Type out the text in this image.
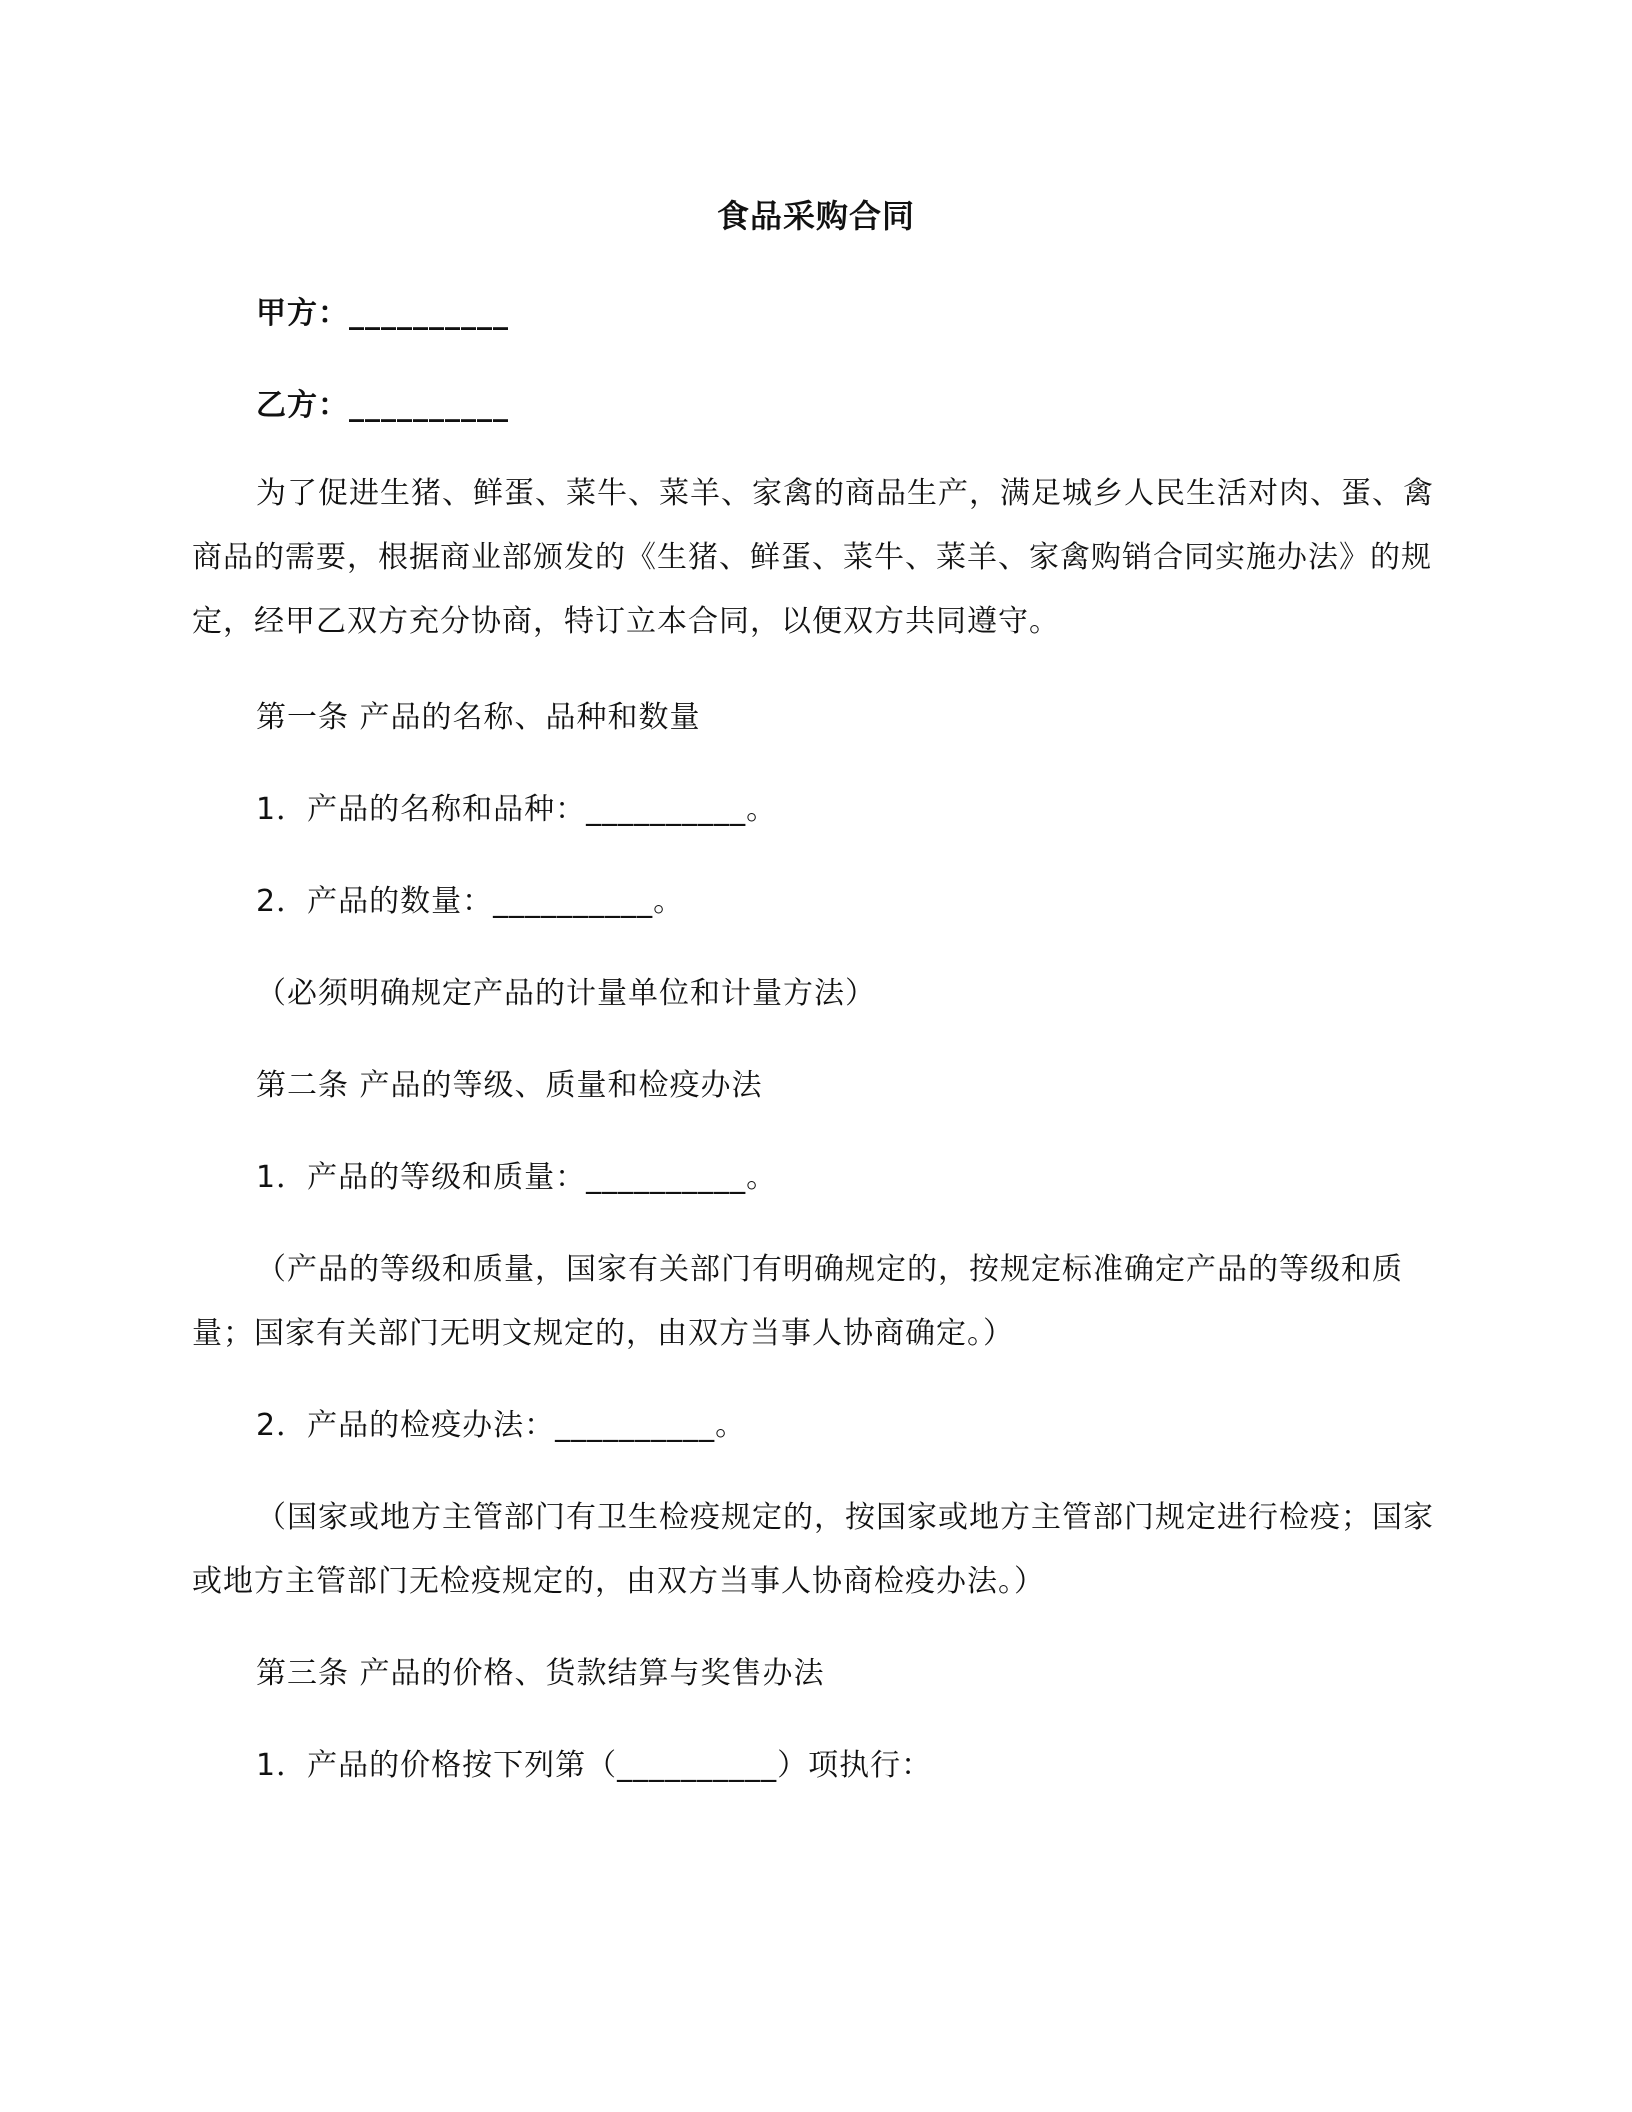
食品采购合同
甲方：__________
乙方：__________
为了促进生猪、鲜蛋、菜牛、菜羊、家禽的商品生产，满足城乡人民生活对肉、蛋、禽商品的需要，根据商业部颁发的《生猪、鲜蛋、菜牛、菜羊、家禽购销合同实施办法》的规定，经甲乙双方充分协商，特订立本合同，以便双方共同遵守。
第一条 产品的名称、品种和数量
1．产品的名称和品种：__________。
2．产品的数量：__________。
（必须明确规定产品的计量单位和计量方法）
第二条 产品的等级、质量和检疫办法
1．产品的等级和质量：__________。
（产品的等级和质量，国家有关部门有明确规定的，按规定标准确定产品的等级和质量；国家有关部门无明文规定的，由双方当事人协商确定。）
2．产品的检疫办法：__________。
（国家或地方主管部门有卫生检疫规定的，按国家或地方主管部门规定进行检疫；国家或地方主管部门无检疫规定的，由双方当事人协商检疫办法。）
第三条 产品的价格、货款结算与奖售办法
1．产品的价格按下列第（__________）项执行：
